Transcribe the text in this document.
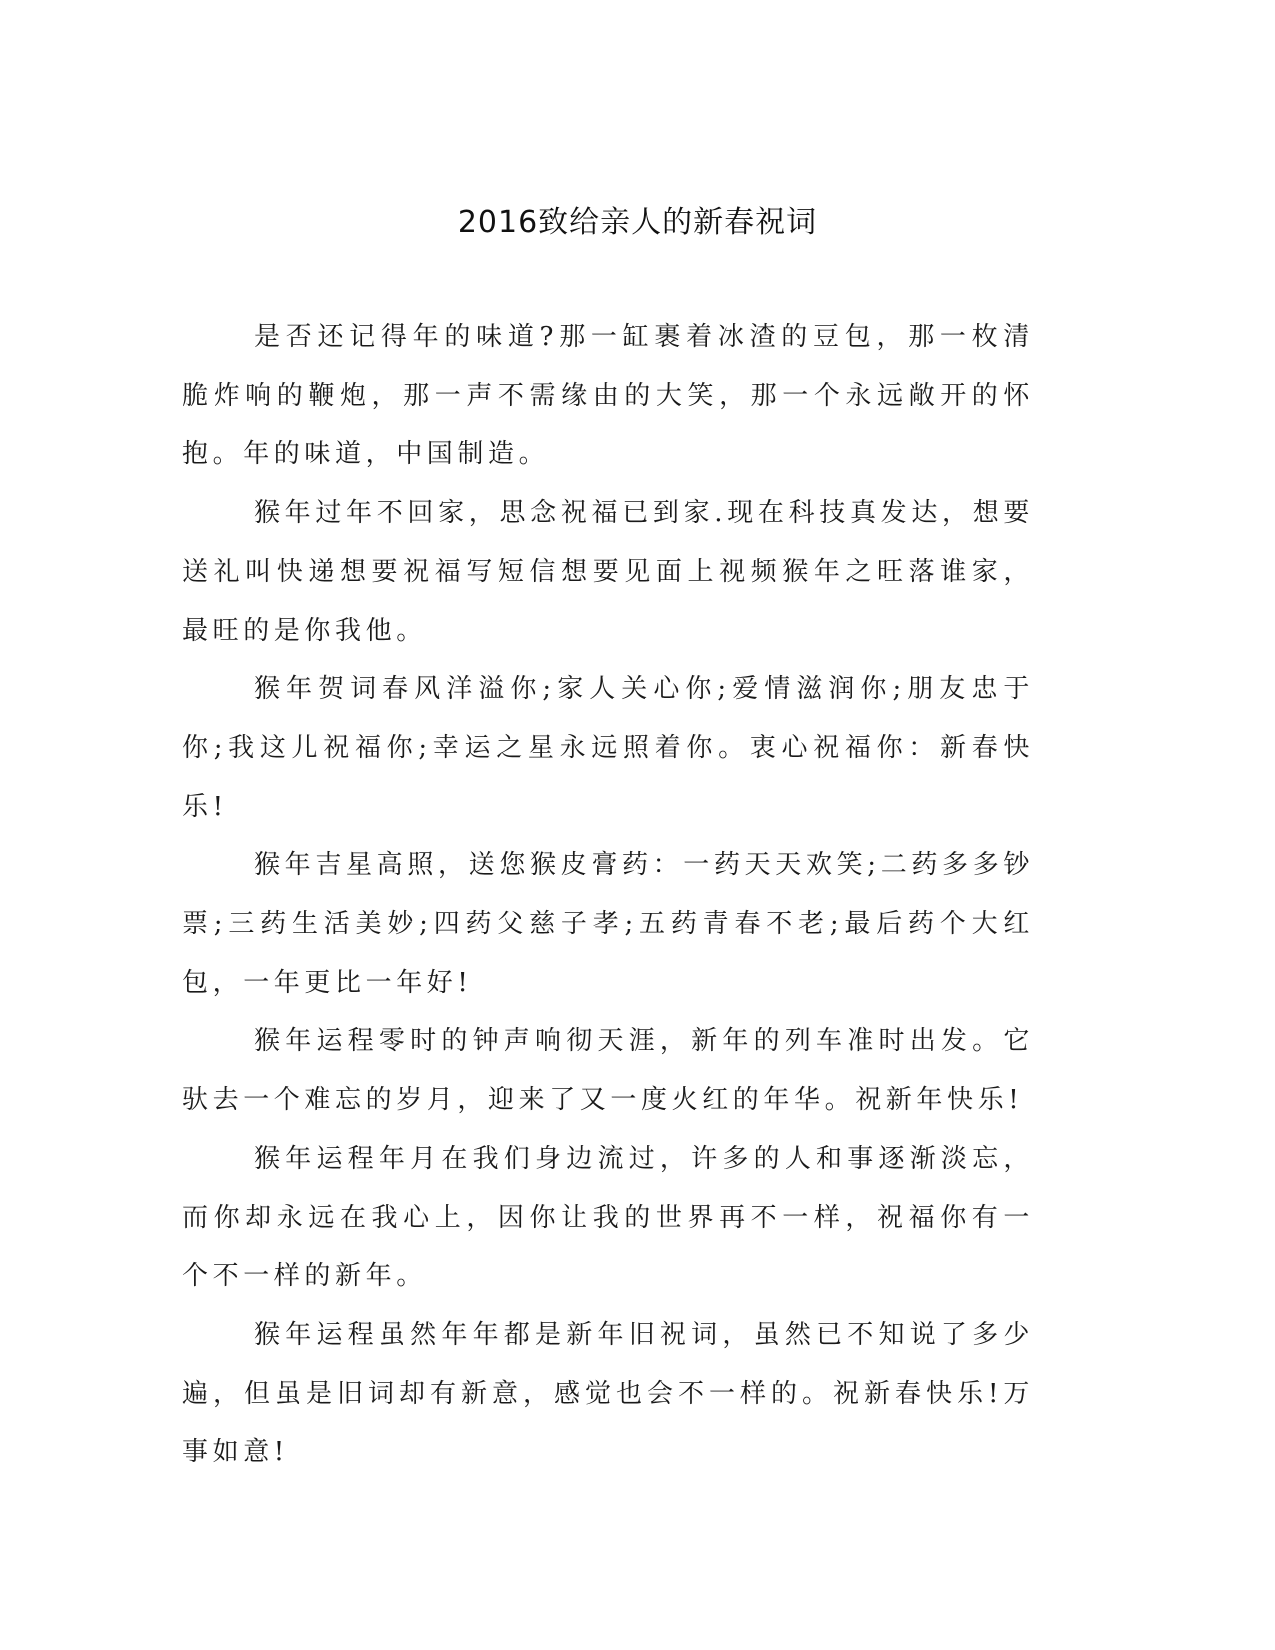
2016致给亲人的新春祝词

是否还记得年的味道?那一缸裹着冰渣的豆包，那一枚清脆炸响的鞭炮，那一声不需缘由的大笑，那一个永远敞开的怀抱。年的味道，中国制造。

猴年过年不回家，思念祝福已到家.现在科技真发达，想要送礼叫快递想要祝福写短信想要见面上视频猴年之旺落谁家，最旺的是你我他。

猴年贺词春风洋溢你;家人关心你;爱情滋润你;朋友忠于你;我这儿祝福你;幸运之星永远照着你。衷心祝福你：新春快乐!

猴年吉星高照，送您猴皮膏药：一药天天欢笑;二药多多钞票;三药生活美妙;四药父慈子孝;五药青春不老;最后药个大红包，一年更比一年好!

猴年运程零时的钟声响彻天涯，新年的列车准时出发。它驮去一个难忘的岁月，迎来了又一度火红的年华。祝新年快乐!

猴年运程年月在我们身边流过，许多的人和事逐渐淡忘，而你却永远在我心上，因你让我的世界再不一样，祝福你有一个不一样的新年。

猴年运程虽然年年都是新年旧祝词，虽然已不知说了多少遍，但虽是旧词却有新意，感觉也会不一样的。祝新春快乐!万事如意!
